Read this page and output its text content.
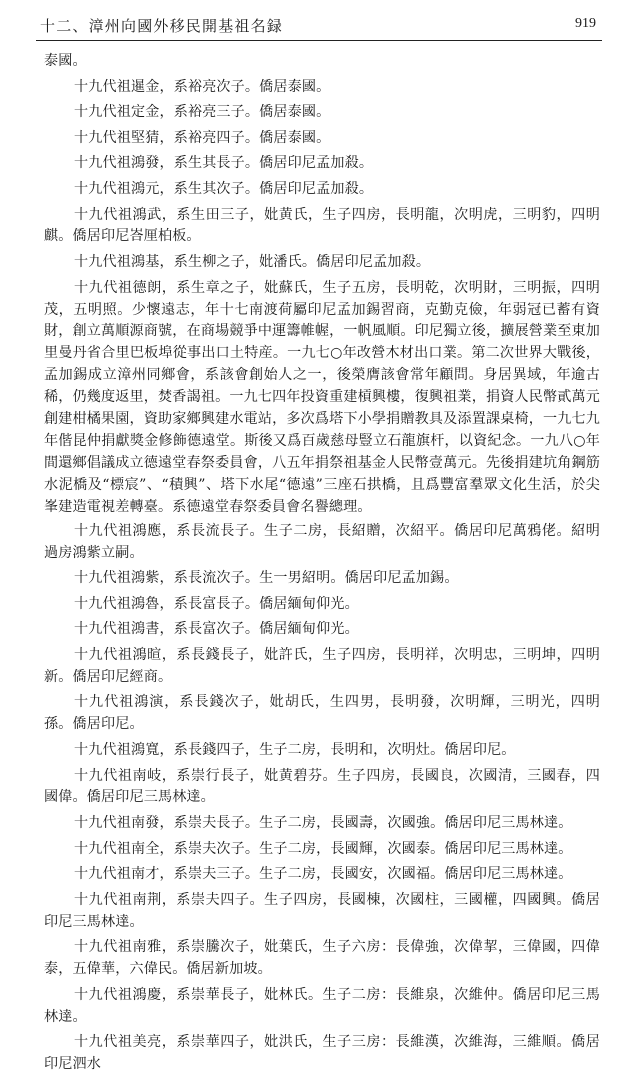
十二、漳州向國外移民開基祖名録	919

泰國。

十九代祖暹金，系裕亮次子。僑居泰國。

十九代祖定金，系裕亮三子。僑居泰國。

十九代祖堅猜，系裕亮四子。僑居泰國。

十九代祖鴻發，系生其長子。僑居印尼孟加殺。

十九代祖鴻元，系生其次子。僑居印尼孟加殺。

十九代祖鴻武，系生田三子，妣黄氏，生子四房，長明龍，次明虎，三明豹，四明麒。僑居印尼峇厘柏板。

十九代祖鴻基，系生柳之子，妣潘氏。僑居印尼孟加殺。

十九代祖德朗，系生章之子，妣蘇氏，生子五房，長明乾，次明財，三明振，四明茂，五明照。少懷遠志，年十七南渡荷屬印尼孟加錫習商，克勤克儉，年弱冠已蓄有資財，創立萬順源商號，在商場競爭中運籌帷幄，一帆風順。印尼獨立後，擴展營業至東加里曼丹省合里巴板埠從事出口土特産。一九七○年改營木材出口業。第二次世界大戰後，孟加錫成立漳州同鄉會，系該會創始人之一，後榮膺該會常年顧問。身居異域，年逾古稀，仍幾度返里，焚香謁祖。一九七四年投資重建槓興樓，復興祖業，捐資人民幣貳萬元創建柑橘果園，資助家鄉興建水電站，多次爲塔下小學捐贈教具及添置課桌椅，一九七九年偕昆仲捐獻獎金修飾德遠堂。斯後又爲百歲慈母豎立石龍旗杆，以資紀念。一九八○年間還鄉倡議成立德遠堂春祭委員會，八五年捐祭祖基金人民幣壹萬元。先後捐建坑角鋼筋水泥橋及“標宸”、“積興”、塔下水尾“德遠”三座石拱橋，且爲豐富羣眾文化生活，於尖峯建造電視差轉臺。系德遠堂春祭委員會名譽總理。

十九代祖鴻應，系長流長子。生子二房，長紹贈，次紹平。僑居印尼萬鴉佬。紹明過房鴻紫立嗣。

十九代祖鴻紫，系長流次子。生一男紹明。僑居印尼孟加錫。

十九代祖鴻魯，系長富長子。僑居緬甸仰光。

十九代祖鴻書，系長富次子。僑居緬甸仰光。

十九代祖鴻暄，系長錢長子，妣許氏，生子四房，長明祥，次明忠，三明坤，四明新。僑居印尼經商。

十九代祖鴻演，系長錢次子，妣胡氏，生四男，長明發，次明輝，三明光，四明孫。僑居印尼。

十九代祖鴻寬，系長錢四子，生子二房，長明和，次明灶。僑居印尼。

十九代祖南岐，系崇行長子，妣黄碧芬。生子四房，長國良，次國清，三國春，四國偉。僑居印尼三馬林達。

十九代祖南發，系崇夫長子。生子二房，長國壽，次國強。僑居印尼三馬林達。

十九代祖南全，系崇夫次子。生子二房，長國輝，次國泰。僑居印尼三馬林達。

十九代祖南才，系崇夫三子。生子二房，長國安，次國福。僑居印尼三馬林達。

十九代祖南荆，系崇夫四子。生子四房，長國棟，次國柱，三國權，四國興。僑居印尼三馬林達。

十九代祖南雅，系崇騰次子，妣葉氏，生子六房：長偉強，次偉挈，三偉國，四偉泰，五偉華，六偉民。僑居新加坡。

十九代祖鴻慶，系崇華長子，妣林氏。生子二房：長維泉，次維仲。僑居印尼三馬林達。

十九代祖美亮，系崇華四子，妣洪氏，生子三房：長維漢，次維海，三維順。僑居印尼泗水
